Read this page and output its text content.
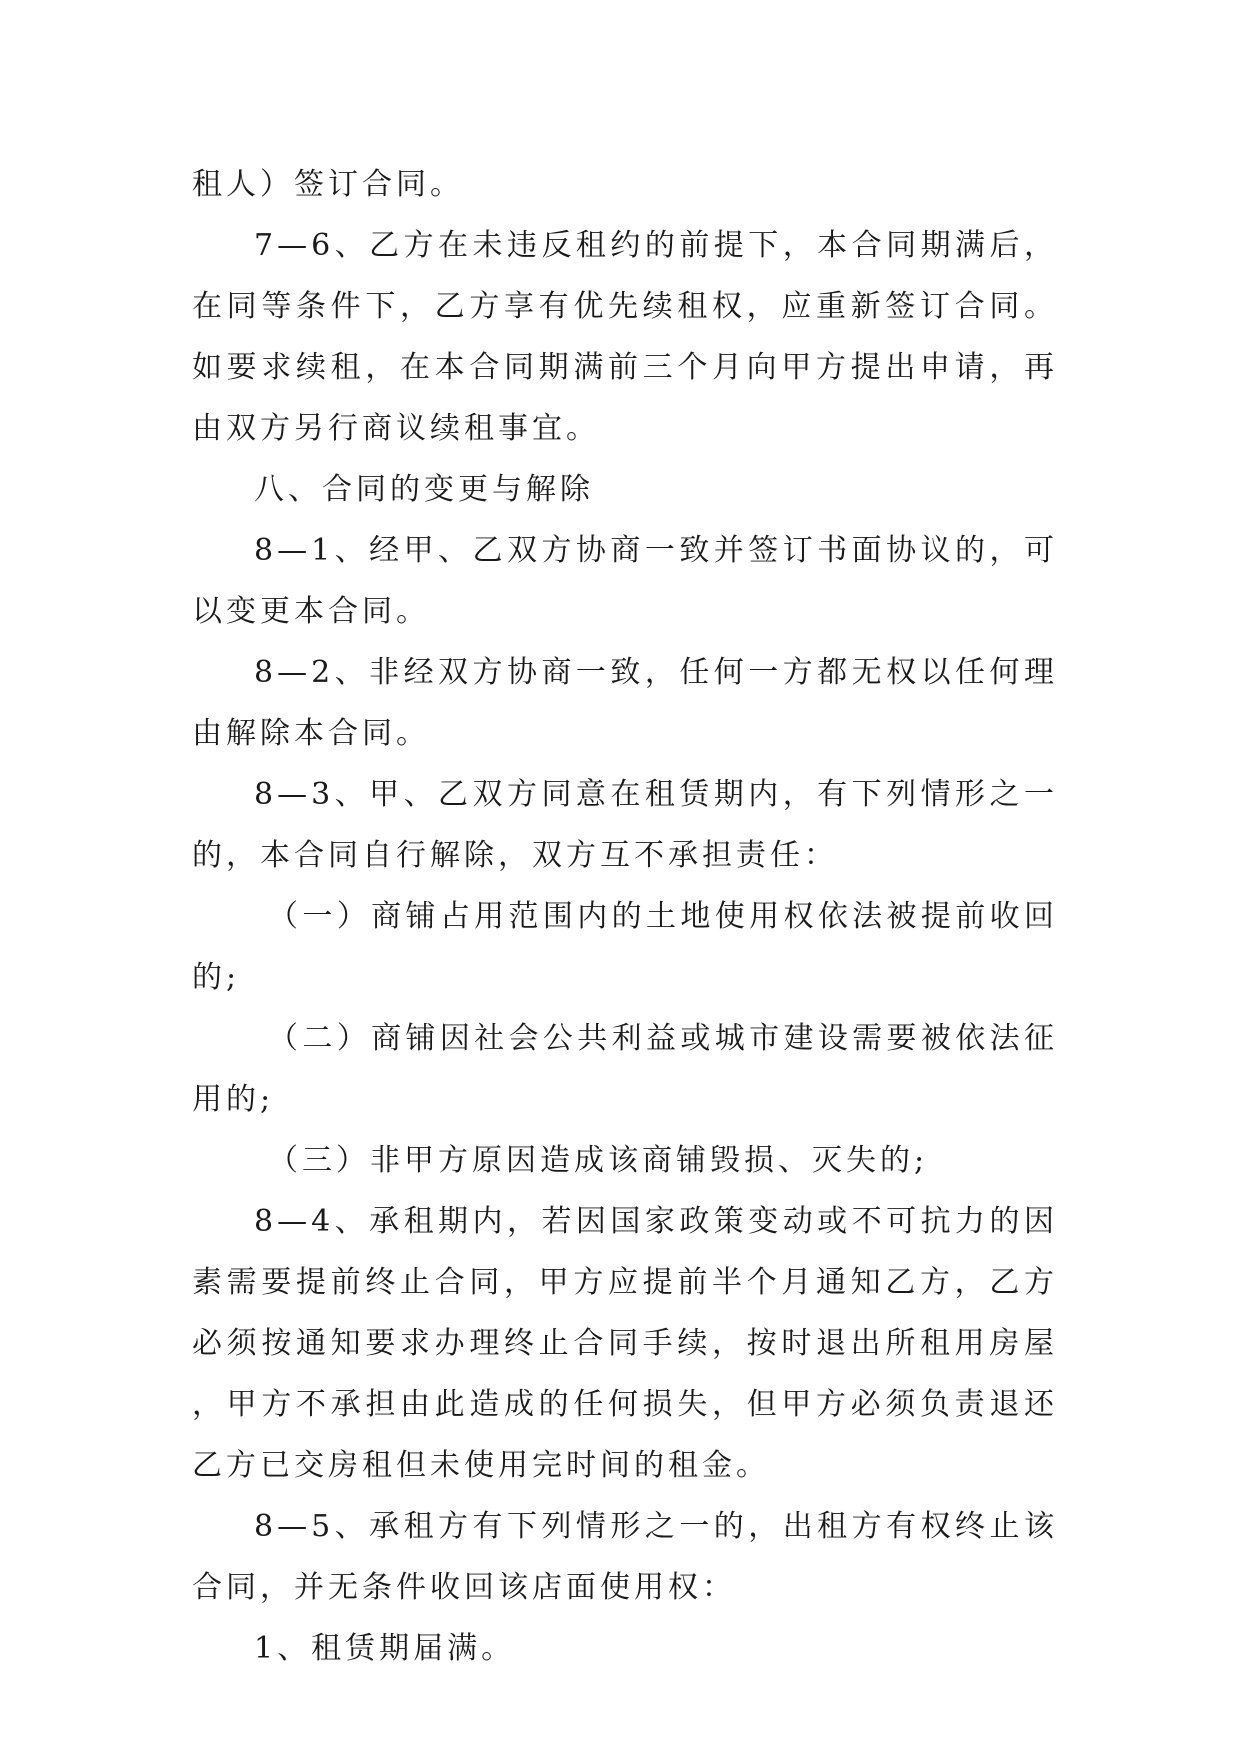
租人）签订合同。

7—6、乙方在未违反租约的前提下，本合同期满后，在同等条件下，乙方享有优先续租权，应重新签订合同。如要求续租，在本合同期满前三个月向甲方提出申请，再由双方另行商议续租事宜。

八、合同的变更与解除

8—1、经甲、乙双方协商一致并签订书面协议的，可以变更本合同。

8—2、非经双方协商一致，任何一方都无权以任何理由解除本合同。

8—3、甲、乙双方同意在租赁期内，有下列情形之一的，本合同自行解除，双方互不承担责任：

（一）商铺占用范围内的土地使用权依法被提前收回的;

（二）商铺因社会公共利益或城市建设需要被依法征用的;

（三）非甲方原因造成该商铺毁损、灭失的;

8—4、承租期内，若因国家政策变动或不可抗力的因素需要提前终止合同，甲方应提前半个月通知乙方，乙方必须按通知要求办理终止合同手续，按时退出所租用房屋，甲方不承担由此造成的任何损失，但甲方必须负责退还乙方已交房租但未使用完时间的租金。

8—5、承租方有下列情形之一的，出租方有权终止该合同，并无条件收回该店面使用权：

1、租赁期届满。
